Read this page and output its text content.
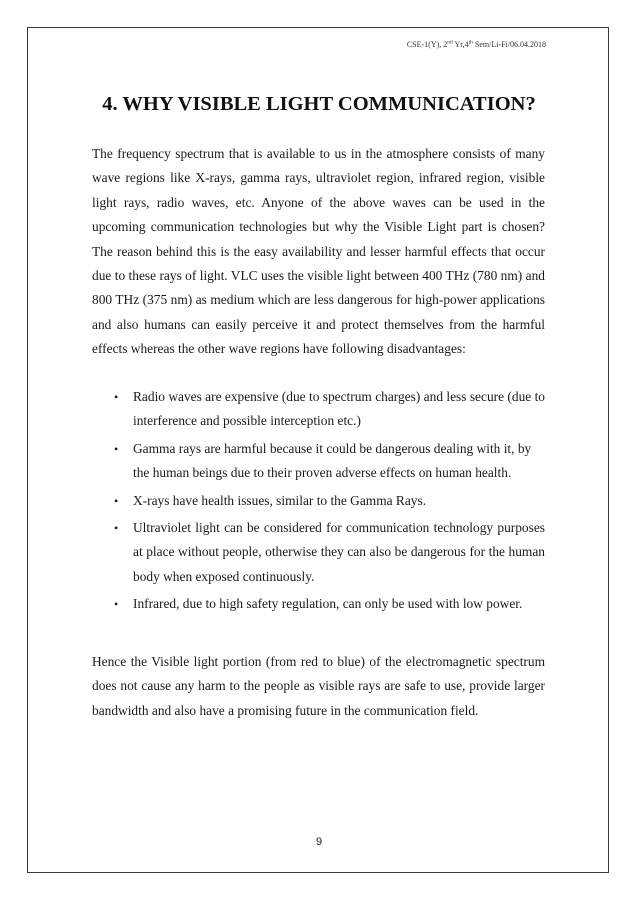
CSE-1(Y), 2nd Yr,4th Sem/Li-Fi/06.04.2018
4. WHY VISIBLE LIGHT COMMUNICATION?

The frequency spectrum that is available to us in the atmosphere consists of many wave regions like X-rays, gamma rays, ultraviolet region, infrared region, visible light rays, radio waves, etc. Anyone of the above waves can be used in the upcoming communication technologies but why the Visible Light part is chosen? The reason behind this is the easy availability and lesser harmful effects that occur due to these rays of light. VLC uses the visible light between 400 THz (780 nm) and 800 THz (375 nm) as medium which are less dangerous for high-power applications and also humans can easily perceive it and protect themselves from the harmful effects whereas the other wave regions have following disadvantages:

• Radio waves are expensive (due to spectrum charges) and less secure (due to interference and possible interception etc.)
• Gamma rays are harmful because it could be dangerous dealing with it, by the human beings due to their proven adverse effects on human health.
• X-rays have health issues, similar to the Gamma Rays.
• Ultraviolet light can be considered for communication technology purposes at place without people, otherwise they can also be dangerous for the human body when exposed continuously.
• Infrared, due to high safety regulation, can only be used with low power.

Hence the Visible light portion (from red to blue) of the electromagnetic spectrum does not cause any harm to the people as visible rays are safe to use, provide larger bandwidth and also have a promising future in the communication field.

9
